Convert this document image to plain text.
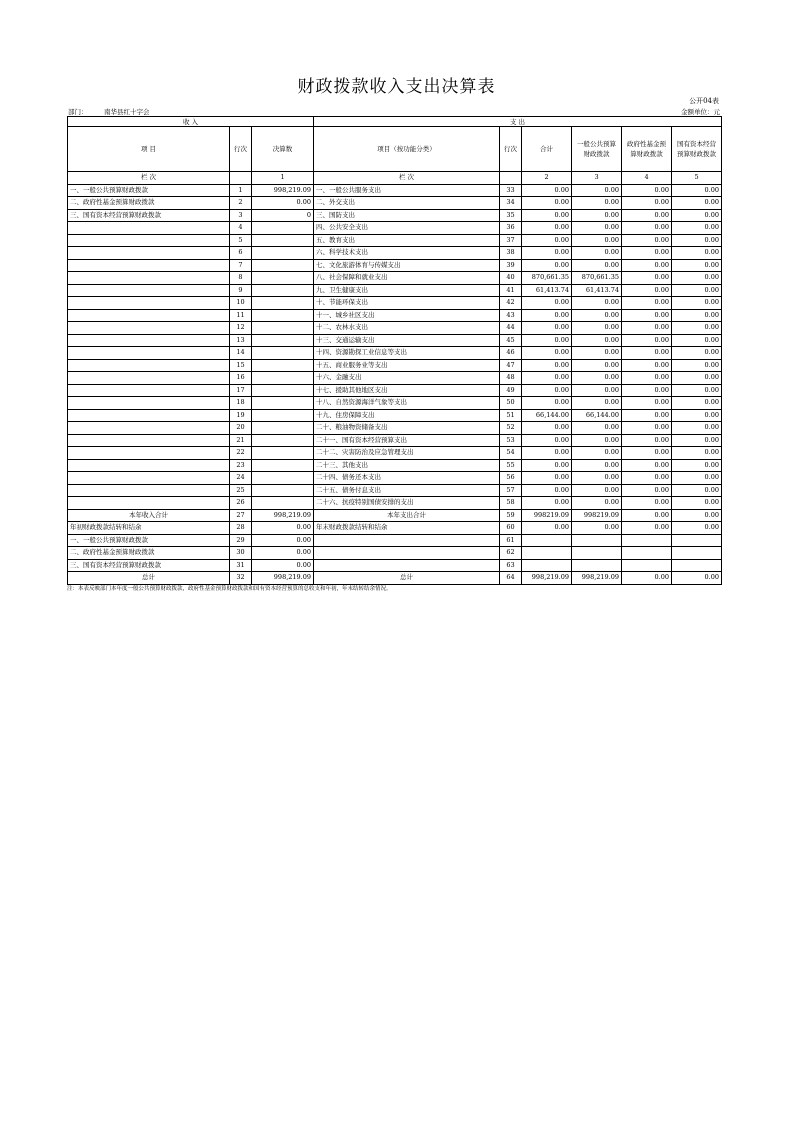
财政拨款收入支出决算表
公开04表
部门：	南华县红十字会	金额单位：元
收 入			支 出					
项 目	行次	决算数	项目（按功能分类）	行次	合计	一般公共预算财政拨款	政府性基金预算财政拨款	国有资本经营预算财政拨款
栏 次		1	栏 次		2	3	4	5
一、一般公共预算财政拨款	1	998,219.09	一、一般公共服务支出	33	0.00	0.00	0.00	0.00
二、政府性基金预算财政拨款	2	0.00	二、外交支出	34	0.00	0.00	0.00	0.00
三、国有资本经营预算财政拨款	3	0	三、国防支出	35	0.00	0.00	0.00	0.00
	4		四、公共安全支出	36	0.00	0.00	0.00	0.00
	5		五、教育支出	37	0.00	0.00	0.00	0.00
	6		六、科学技术支出	38	0.00	0.00	0.00	0.00
	7		七、文化旅游体育与传媒支出	39	0.00	0.00	0.00	0.00
	8		八、社会保障和就业支出	40	870,661.35	870,661.35	0.00	0.00
	9		九、卫生健康支出	41	61,413.74	61,413.74	0.00	0.00
	10		十、节能环保支出	42	0.00	0.00	0.00	0.00
	11		十一、城乡社区支出	43	0.00	0.00	0.00	0.00
	12		十二、农林水支出	44	0.00	0.00	0.00	0.00
	13		十三、交通运输支出	45	0.00	0.00	0.00	0.00
	14		十四、资源勘探工业信息等支出	46	0.00	0.00	0.00	0.00
	15		十五、商业服务业等支出	47	0.00	0.00	0.00	0.00
	16		十六、金融支出	48	0.00	0.00	0.00	0.00
	17		十七、援助其他地区支出	49	0.00	0.00	0.00	0.00
	18		十八、自然资源海洋气象等支出	50	0.00	0.00	0.00	0.00
	19		十九、住房保障支出	51	66,144.00	66,144.00	0.00	0.00
	20		二十、粮油物资储备支出	52	0.00	0.00	0.00	0.00
	21		二十一、国有资本经营预算支出	53	0.00	0.00	0.00	0.00
	22		二十二、灾害防治及应急管理支出	54	0.00	0.00	0.00	0.00
	23		二十三、其他支出	55	0.00	0.00	0.00	0.00
	24		二十四、债务还本支出	56	0.00	0.00	0.00	0.00
	25		二十五、债务付息支出	57	0.00	0.00	0.00	0.00
	26		二十六、抗疫特别国债安排的支出	58	0.00	0.00	0.00	0.00
本年收入合计	27	998,219.09	本年支出合计	59	998219.09	998219.09	0.00	0.00
年初财政拨款结转和结余	28	0.00	年末财政拨款结转和结余	60	0.00	0.00	0.00	0.00
一、一般公共预算财政拨款	29	0.00		61				
二、政府性基金预算财政拨款	30	0.00		62				
三、国有资本经营预算财政拨款	31	0.00		63				
总计	32	998,219.09	总计	64	998,219.09	998,219.09	0.00	0.00
注：本表反映部门本年度一般公共预算财政拨款，政府性基金预算财政拨款和国有资本经营预算的总收支和年初，年末结转结余情况。
